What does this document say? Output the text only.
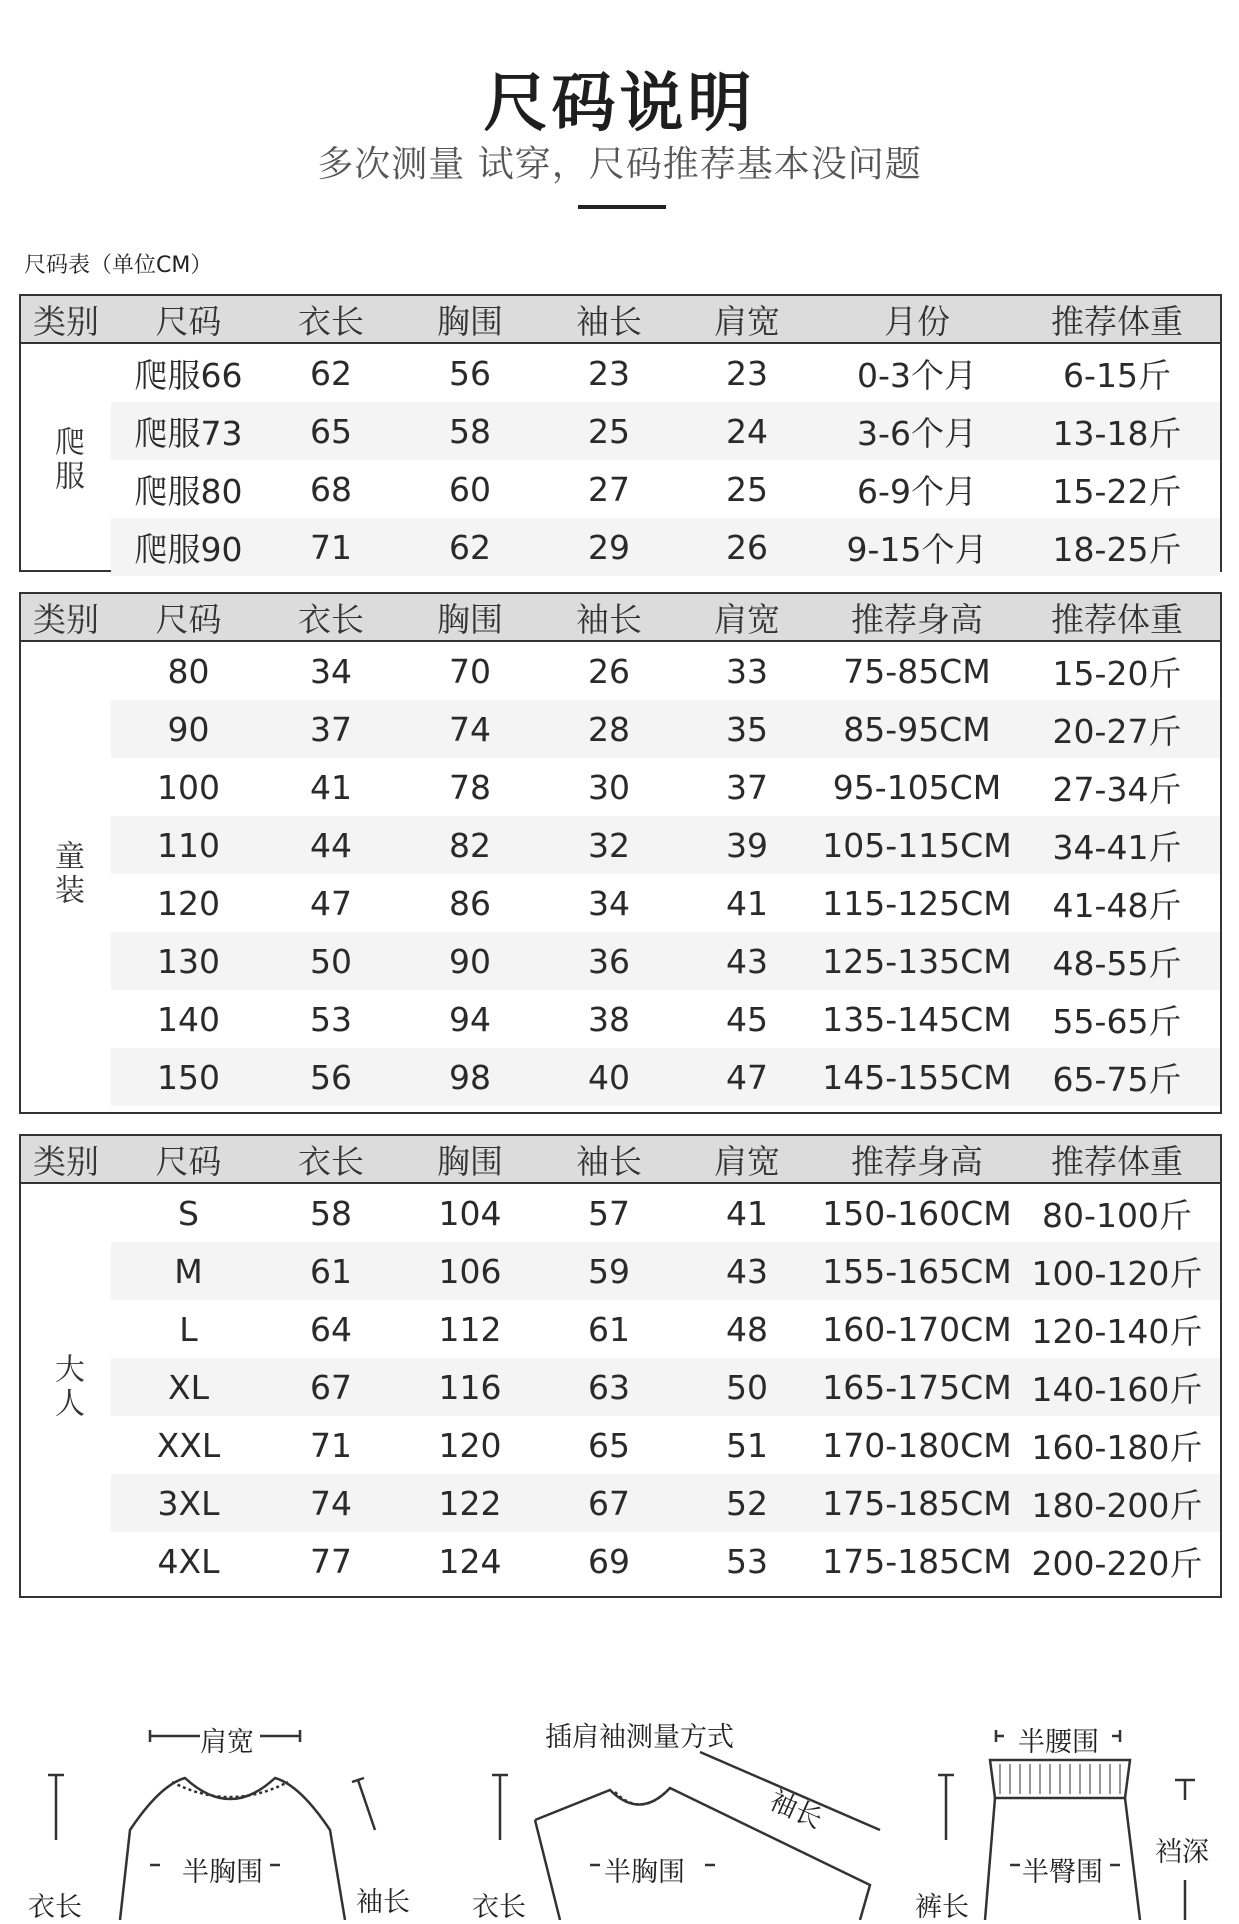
尺码说明
多次测量 试穿，尺码推荐基本没问题
尺码表（单位CM）
类别	尺码	衣长	胸围	袖长	肩宽	月份	推荐体重
爬服
爬服66	62	56	23	23	0-3个月	6-15斤
爬服73	65	58	25	24	3-6个月	13-18斤
爬服80	68	60	27	25	6-9个月	15-22斤
爬服90	71	62	29	26	9-15个月	18-25斤
类别	尺码	衣长	胸围	袖长	肩宽	推荐身高	推荐体重
童装
80	34	70	26	33	75-85CM	15-20斤
90	37	74	28	35	85-95CM	20-27斤
100	41	78	30	37	95-105CM	27-34斤
110	44	82	32	39	105-115CM	34-41斤
120	47	86	34	41	115-125CM	41-48斤
130	50	90	36	43	125-135CM	48-55斤
140	53	94	38	45	135-145CM	55-65斤
150	56	98	40	47	145-155CM	65-75斤
类别	尺码	衣长	胸围	袖长	肩宽	推荐身高	推荐体重
大人
S	58	104	57	41	150-160CM 80-100斤
M	61	106	59	43	155-165CM 100-120斤
L	64	112	61	48	160-170CM 120-140斤
XL	67	116	63	50	165-175CM 140-160斤
XXL	71	120	65	51	170-180CM 160-180斤
3XL	74	122	67	52	175-185CM 180-200斤
4XL	77	124	69	53	175-185CM 200-220斤
肩宽
半胸围
衣长	袖长
插肩袖测量方式
袖长
半胸围
衣长
半腰围
半臀围
裤长
裆深
